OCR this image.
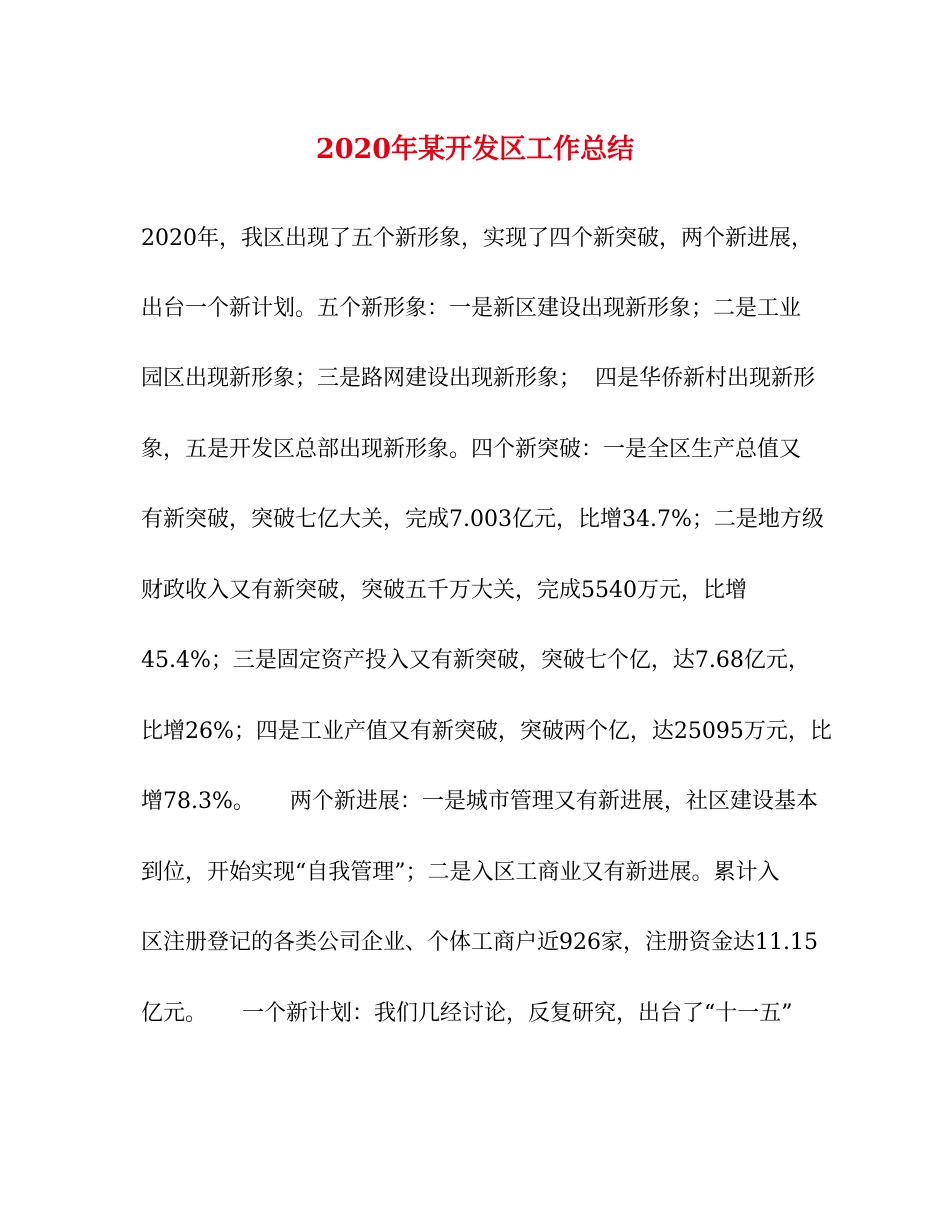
2020年某开发区工作总结
2020年，我区出现了五个新形象，实现了四个新突破，两个新进展，
出台一个新计划。五个新形象：一是新区建设出现新形象；二是工业
园区出现新形象；三是路网建设出现新形象；  四是华侨新村出现新形
象，五是开发区总部出现新形象。四个新突破：一是全区生产总值又
有新突破，突破七亿大关，完成7.003亿元，比增34.7%；二是地方级
财政收入又有新突破，突破五千万大关，完成5540万元，比增
45.4%；三是固定资产投入又有新突破，突破七个亿，达7.68亿元，
比增26%；四是工业产值又有新突破，突破两个亿，达25095万元，比
增78.3%。     两个新进展：一是城市管理又有新进展，社区建设基本
到位，开始实现“自我管理”；二是入区工商业又有新进展。累计入
区注册登记的各类公司企业、个体工商户近926家，注册资金达11.15
亿元。     一个新计划：我们几经讨论，反复研究，出台了“十一五”
